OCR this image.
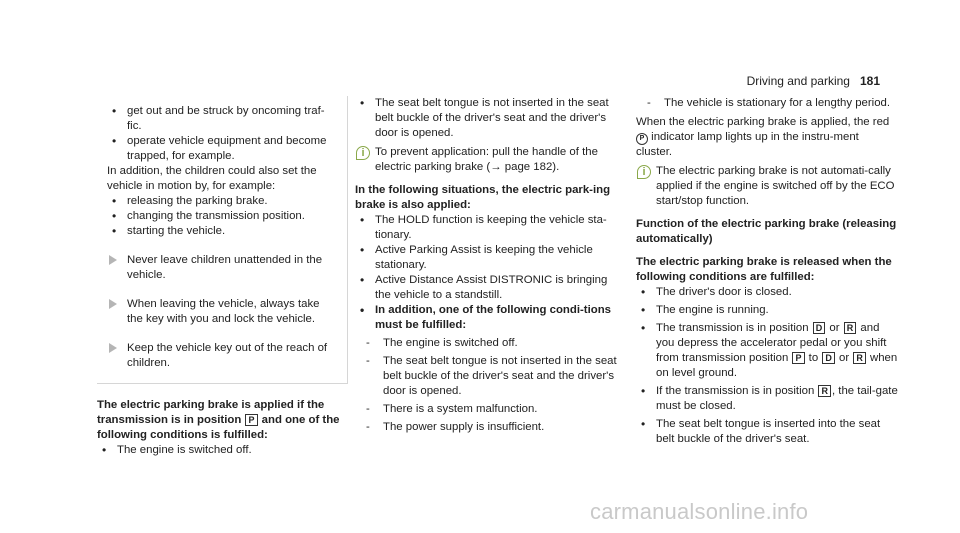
Driving and parking 181
• get out and be struck by oncoming traf-fic.
• operate vehicle equipment and become trapped, for example.

In addition, the children could also set the vehicle in motion by, for example:

• releasing the parking brake.
• changing the transmission position.
• starting the vehicle.
Never leave children unattended in the vehicle.
When leaving the vehicle, always take the key with you and lock the vehicle.
Keep the vehicle key out of the reach of children.

The electric parking brake is applied if the transmission is in position P and one of the following conditions is fulfilled:

• The engine is switched off.
• The seat belt tongue is not inserted in the seat belt buckle of the driver's seat and the driver's door is opened.
i To prevent application: pull the handle of the electric parking brake (→ page 182).

In the following situations, the electric park-ing brake is also applied:

• The HOLD function is keeping the vehicle sta-tionary.
• Active Parking Assist is keeping the vehicle stationary.
• Active Distance Assist DISTRONIC is bringing the vehicle to a standstill.
• In addition, one of the following condi-tions must be fulfilled:
- The engine is switched off.
- The seat belt tongue is not inserted in the seat belt buckle of the driver's seat and the driver's door is opened.
- There is a system malfunction.
- The power supply is insufficient.
- The vehicle is stationary for a lengthy period.

When the electric parking brake is applied, the red P indicator lamp lights up in the instru-ment cluster.

i The electric parking brake is not automati-cally applied if the engine is switched off by the ECO start/stop function.

Function of the electric parking brake (releasing automatically)

The electric parking brake is released when the following conditions are fulfilled:

• The driver's door is closed.
• The engine is running.
• The transmission is in position D or R and you depress the accelerator pedal or you shift from transmission position P to D or R when on level ground.
• If the transmission is in position R , the tail-gate must be closed.
• The seat belt tongue is inserted into the seat belt buckle of the driver's seat.
carmanualsonline.info
